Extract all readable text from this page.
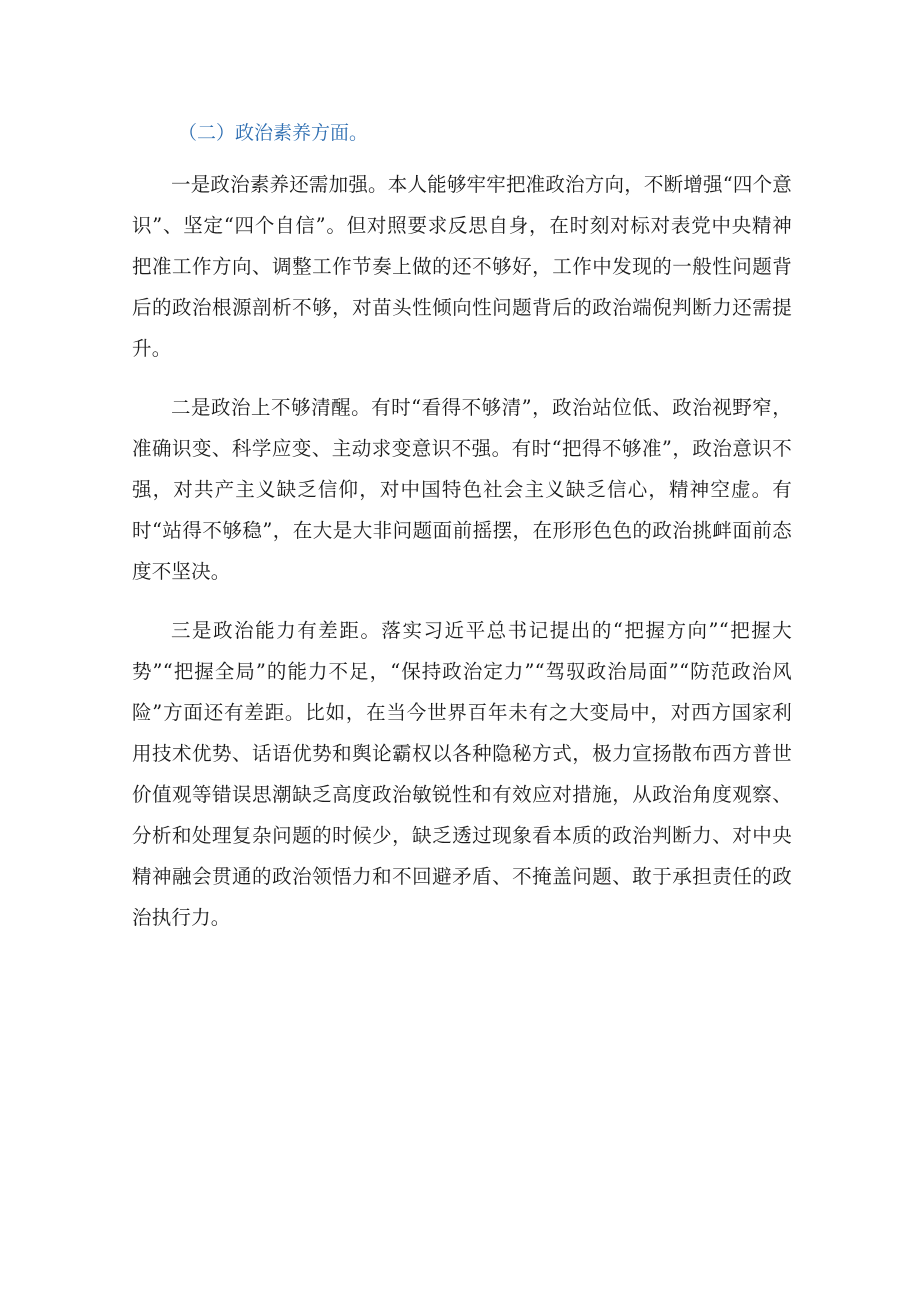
（二）政治素养方面。

一是政治素养还需加强。本人能够牢牢把准政治方向，不断增强“四个意识”、坚定“四个自信”。但对照要求反思自身，在时刻对标对表党中央精神把准工作方向、调整工作节奏上做的还不够好，工作中发现的一般性问题背后的政治根源剖析不够，对苗头性倾向性问题背后的政治端倪判断力还需提升。

二是政治上不够清醒。有时“看得不够清”，政治站位低、政治视野窄，准确识变、科学应变、主动求变意识不强。有时“把得不够准”，政治意识不强，对共产主义缺乏信仰，对中国特色社会主义缺乏信心，精神空虚。有时“站得不够稳”，在大是大非问题面前摇摆，在形形色色的政治挑衅面前态度不坚决。

三是政治能力有差距。落实习近平总书记提出的“把握方向”“把握大势”“把握全局”的能力不足，“保持政治定力”“驾驭政治局面”“防范政治风险”方面还有差距。比如，在当今世界百年未有之大变局中，对西方国家利用技术优势、话语优势和舆论霸权以各种隐秘方式，极力宣扬散布西方普世价值观等错误思潮缺乏高度政治敏锐性和有效应对措施，从政治角度观察、分析和处理复杂问题的时候少，缺乏透过现象看本质的政治判断力、对中央精神融会贯通的政治领悟力和不回避矛盾、不掩盖问题、敢于承担责任的政治执行力。
